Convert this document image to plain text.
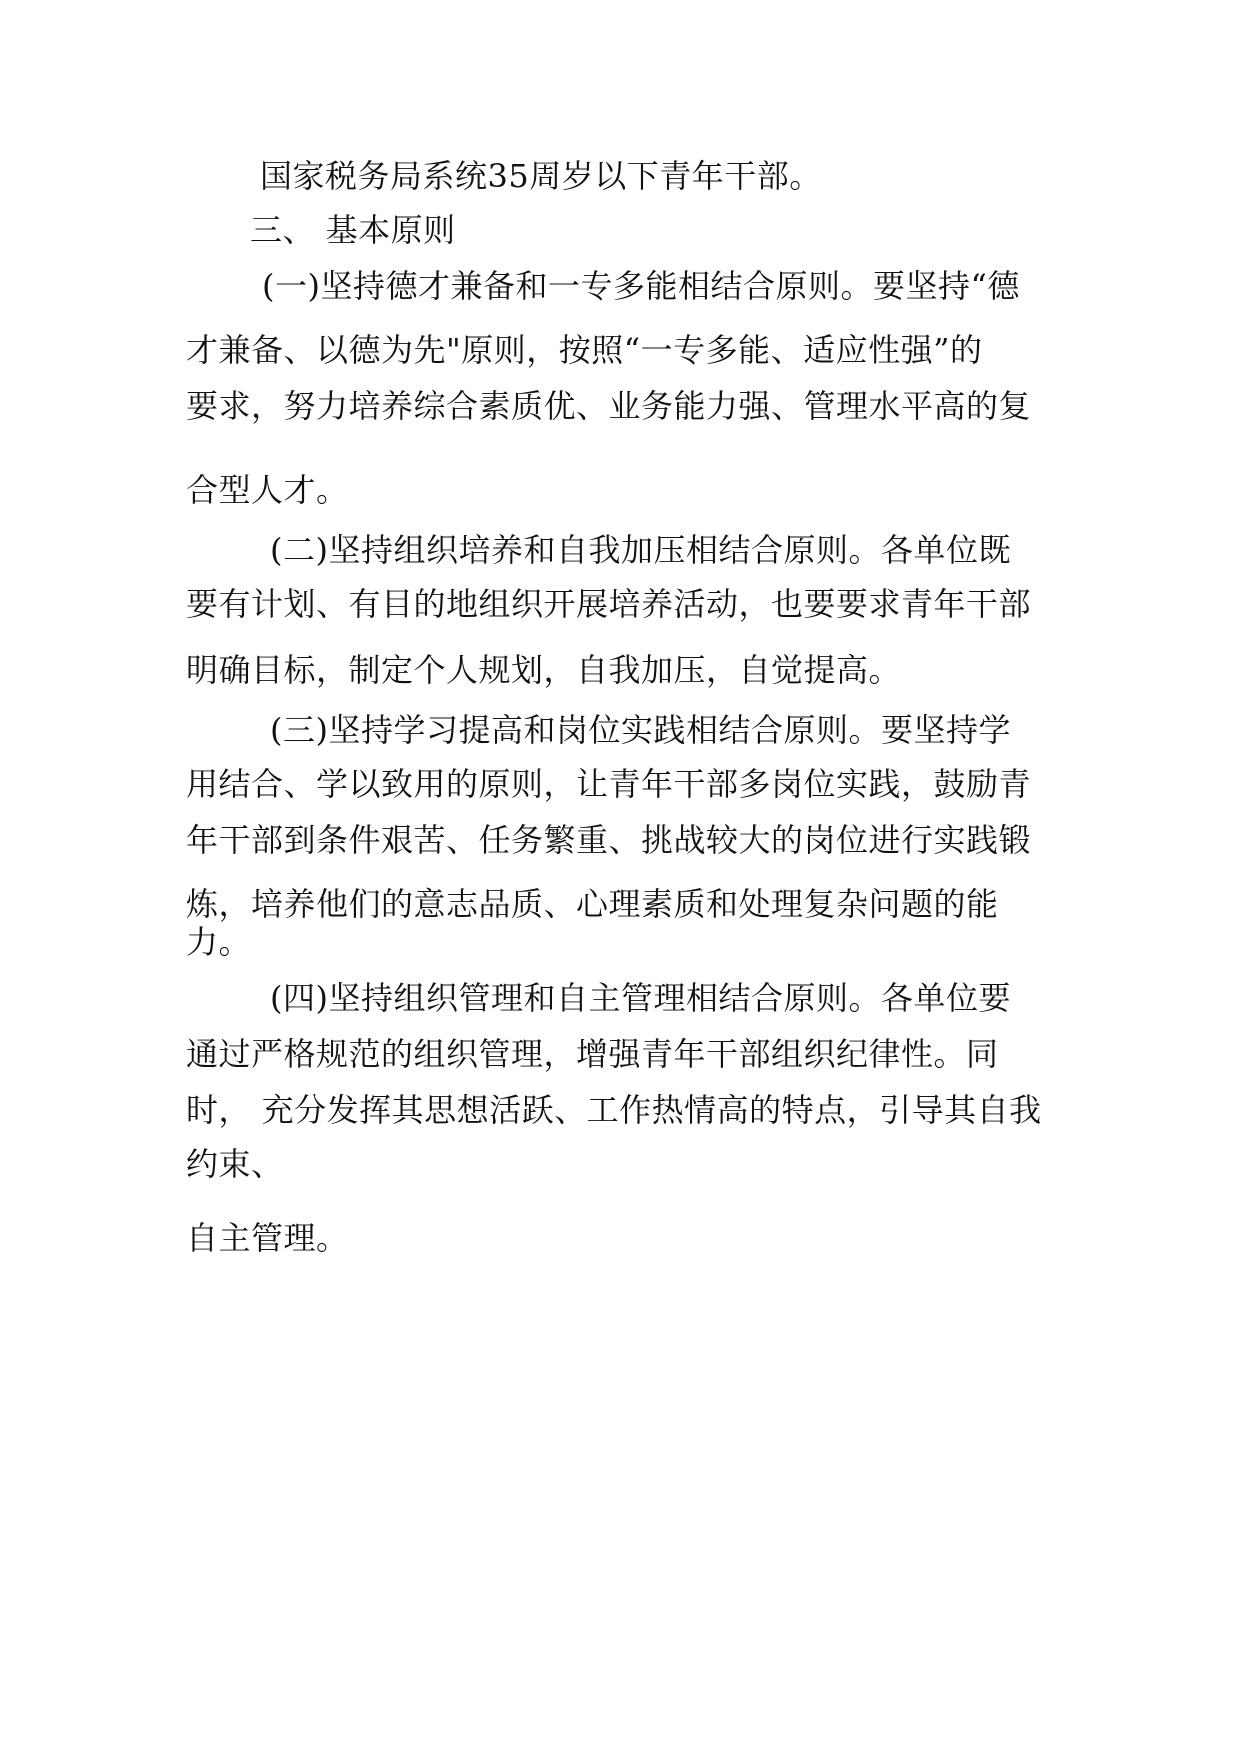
国家税务局系统35周岁以下青年干部。
三、 基本原则
(一)坚持德才兼备和一专多能相结合原则。要坚持“德
才兼备、以德为先"原则，按照“一专多能、适应性强”的
要求，努力培养综合素质优、业务能力强、管理水平高的复
合型人才。
(二)坚持组织培养和自我加压相结合原则。各单位既
要有计划、有目的地组织开展培养活动，也要要求青年干部
明确目标，制定个人规划，自我加压，自觉提高。
(三)坚持学习提高和岗位实践相结合原则。要坚持学
用结合、学以致用的原则，让青年干部多岗位实践，鼓励青
年干部到条件艰苦、任务繁重、挑战较大的岗位进行实践锻
炼，培养他们的意志品质、心理素质和处理复杂问题的能
力。
(四)坚持组织管理和自主管理相结合原则。各单位要
通过严格规范的组织管理，增强青年干部组织纪律性。同
时， 充分发挥其思想活跃、工作热情高的特点，引导其自我
约束、
自主管理。
